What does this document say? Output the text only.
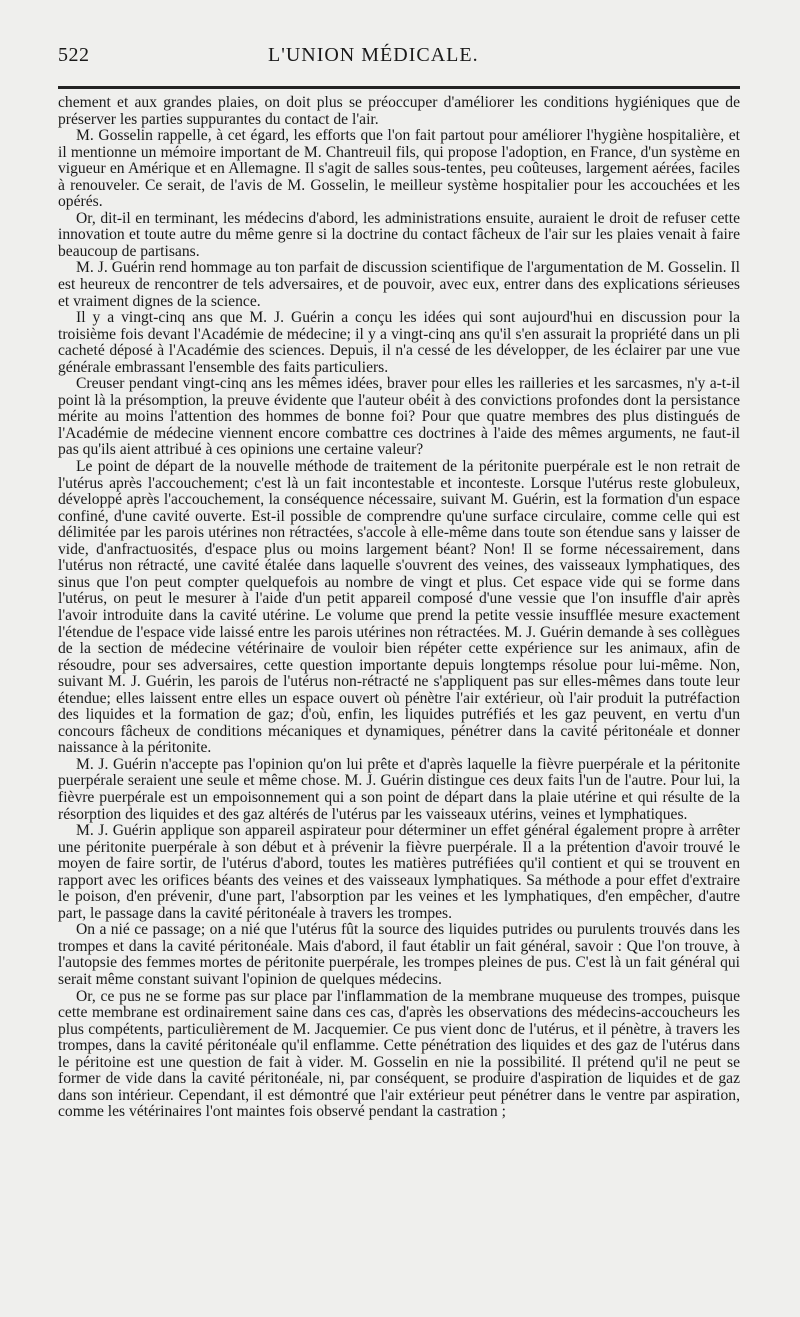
522	L'UNION MÉDICALE.

chement et aux grandes plaies, on doit plus se préoccuper d'améliorer les conditions hygiéniques que de préserver les parties suppurantes du contact de l'air.

M. Gosselin rappelle, à cet égard, les efforts que l'on fait partout pour améliorer l'hygiène hospitalière, et il mentionne un mémoire important de M. Chantreuil fils, qui propose l'adoption, en France, d'un système en vigueur en Amérique et en Allemagne. Il s'agit de salles sous-tentes, peu coûteuses, largement aérées, faciles à renouveler. Ce serait, de l'avis de M. Gosselin, le meilleur système hospitalier pour les accouchées et les opérés.

Or, dit-il en terminant, les médecins d'abord, les administrations ensuite, auraient le droit de refuser cette innovation et toute autre du même genre si la doctrine du contact fâcheux de l'air sur les plaies venait à faire beaucoup de partisans.

M. J. Guérin rend hommage au ton parfait de discussion scientifique de l'argumentation de M. Gosselin. Il est heureux de rencontrer de tels adversaires, et de pouvoir, avec eux, entrer dans des explications sérieuses et vraiment dignes de la science.

Il y a vingt-cinq ans que M. J. Guérin a conçu les idées qui sont aujourd'hui en discussion pour la troisième fois devant l'Académie de médecine; il y a vingt-cinq ans qu'il s'en assurait la propriété dans un pli cacheté déposé à l'Académie des sciences. Depuis, il n'a cessé de les développer, de les éclairer par une vue générale embrassant l'ensemble des faits particuliers.

Creuser pendant vingt-cinq ans les mêmes idées, braver pour elles les railleries et les sarcasmes, n'y a-t-il point là la présomption, la preuve évidente que l'auteur obéit à des convictions profondes dont la persistance mérite au moins l'attention des hommes de bonne foi? Pour que quatre membres des plus distingués de l'Académie de médecine viennent encore combattre ces doctrines à l'aide des mêmes arguments, ne faut-il pas qu'ils aient attribué à ces opinions une certaine valeur?

Le point de départ de la nouvelle méthode de traitement de la péritonite puerpérale est le non retrait de l'utérus après l'accouchement; c'est là un fait incontestable et inconteste. Lorsque l'utérus reste globuleux, développé après l'accouchement, la conséquence nécessaire, suivant M. Guérin, est la formation d'un espace confiné, d'une cavité ouverte. Est-il possible de comprendre qu'une surface circulaire, comme celle qui est délimitée par les parois utérines non rétractées, s'accole à elle-même dans toute son étendue sans y laisser de vide, d'anfractuosités, d'espace plus ou moins largement béant? Non! Il se forme nécessairement, dans l'utérus non rétracté, une cavité étalée dans laquelle s'ouvrent des veines, des vaisseaux lymphatiques, des sinus que l'on peut compter quelquefois au nombre de vingt et plus. Cet espace vide qui se forme dans l'utérus, on peut le mesurer à l'aide d'un petit appareil composé d'une vessie que l'on insuffle d'air après l'avoir introduite dans la cavité utérine. Le volume que prend la petite vessie insufflée mesure exactement l'étendue de l'espace vide laissé entre les parois utérines non rétractées. M. J. Guérin demande à ses collègues de la section de médecine vétérinaire de vouloir bien répéter cette expérience sur les animaux, afin de résoudre, pour ses adversaires, cette question importante depuis longtemps résolue pour lui-même. Non, suivant M. J. Guérin, les parois de l'utérus non-rétracté ne s'appliquent pas sur elles-mêmes dans toute leur étendue; elles laissent entre elles un espace ouvert où pénètre l'air extérieur, où l'air produit la putréfaction des liquides et la formation de gaz; d'où, enfin, les liquides putréfiés et les gaz peuvent, en vertu d'un concours fâcheux de conditions mécaniques et dynamiques, pénétrer dans la cavité péritonéale et donner naissance à la péritonite.

M. J. Guérin n'accepte pas l'opinion qu'on lui prête et d'après laquelle la fièvre puerpérale et la péritonite puerpérale seraient une seule et même chose. M. J. Guérin distingue ces deux faits l'un de l'autre. Pour lui, la fièvre puerpérale est un empoisonnement qui a son point de départ dans la plaie utérine et qui résulte de la résorption des liquides et des gaz altérés de l'utérus par les vaisseaux utérins, veines et lymphatiques.

M. J. Guérin applique son appareil aspirateur pour déterminer un effet général également propre à arrêter une péritonite puerpérale à son début et à prévenir la fièvre puerpérale. Il a la prétention d'avoir trouvé le moyen de faire sortir, de l'utérus d'abord, toutes les matières putréfiées qu'il contient et qui se trouvent en rapport avec les orifices béants des veines et des vaisseaux lymphatiques. Sa méthode a pour effet d'extraire le poison, d'en prévenir, d'une part, l'absorption par les veines et les lymphatiques, d'en empêcher, d'autre part, le passage dans la cavité péritonéale à travers les trompes.

On a nié ce passage; on a nié que l'utérus fût la source des liquides putrides ou purulents trouvés dans les trompes et dans la cavité péritonéale. Mais d'abord, il faut établir un fait général, savoir : Que l'on trouve, à l'autopsie des femmes mortes de péritonite puerpérale, les trompes pleines de pus. C'est là un fait général qui serait même constant suivant l'opinion de quelques médecins.

Or, ce pus ne se forme pas sur place par l'inflammation de la membrane muqueuse des trompes, puisque cette membrane est ordinairement saine dans ces cas, d'après les observations des médecins-accoucheurs les plus compétents, particulièrement de M. Jacquemier. Ce pus vient donc de l'utérus, et il pénètre, à travers les trompes, dans la cavité péritonéale qu'il enflamme. Cette pénétration des liquides et des gaz de l'utérus dans le péritoine est une question de fait à vider. M. Gosselin en nie la possibilité. Il prétend qu'il ne peut se former de vide dans la cavité péritonéale, ni, par conséquent, se produire d'aspiration de liquides et de gaz dans son intérieur. Cependant, il est démontré que l'air extérieur peut pénétrer dans le ventre par aspiration, comme les vétérinaires l'ont maintes fois observé pendant la castration ;
